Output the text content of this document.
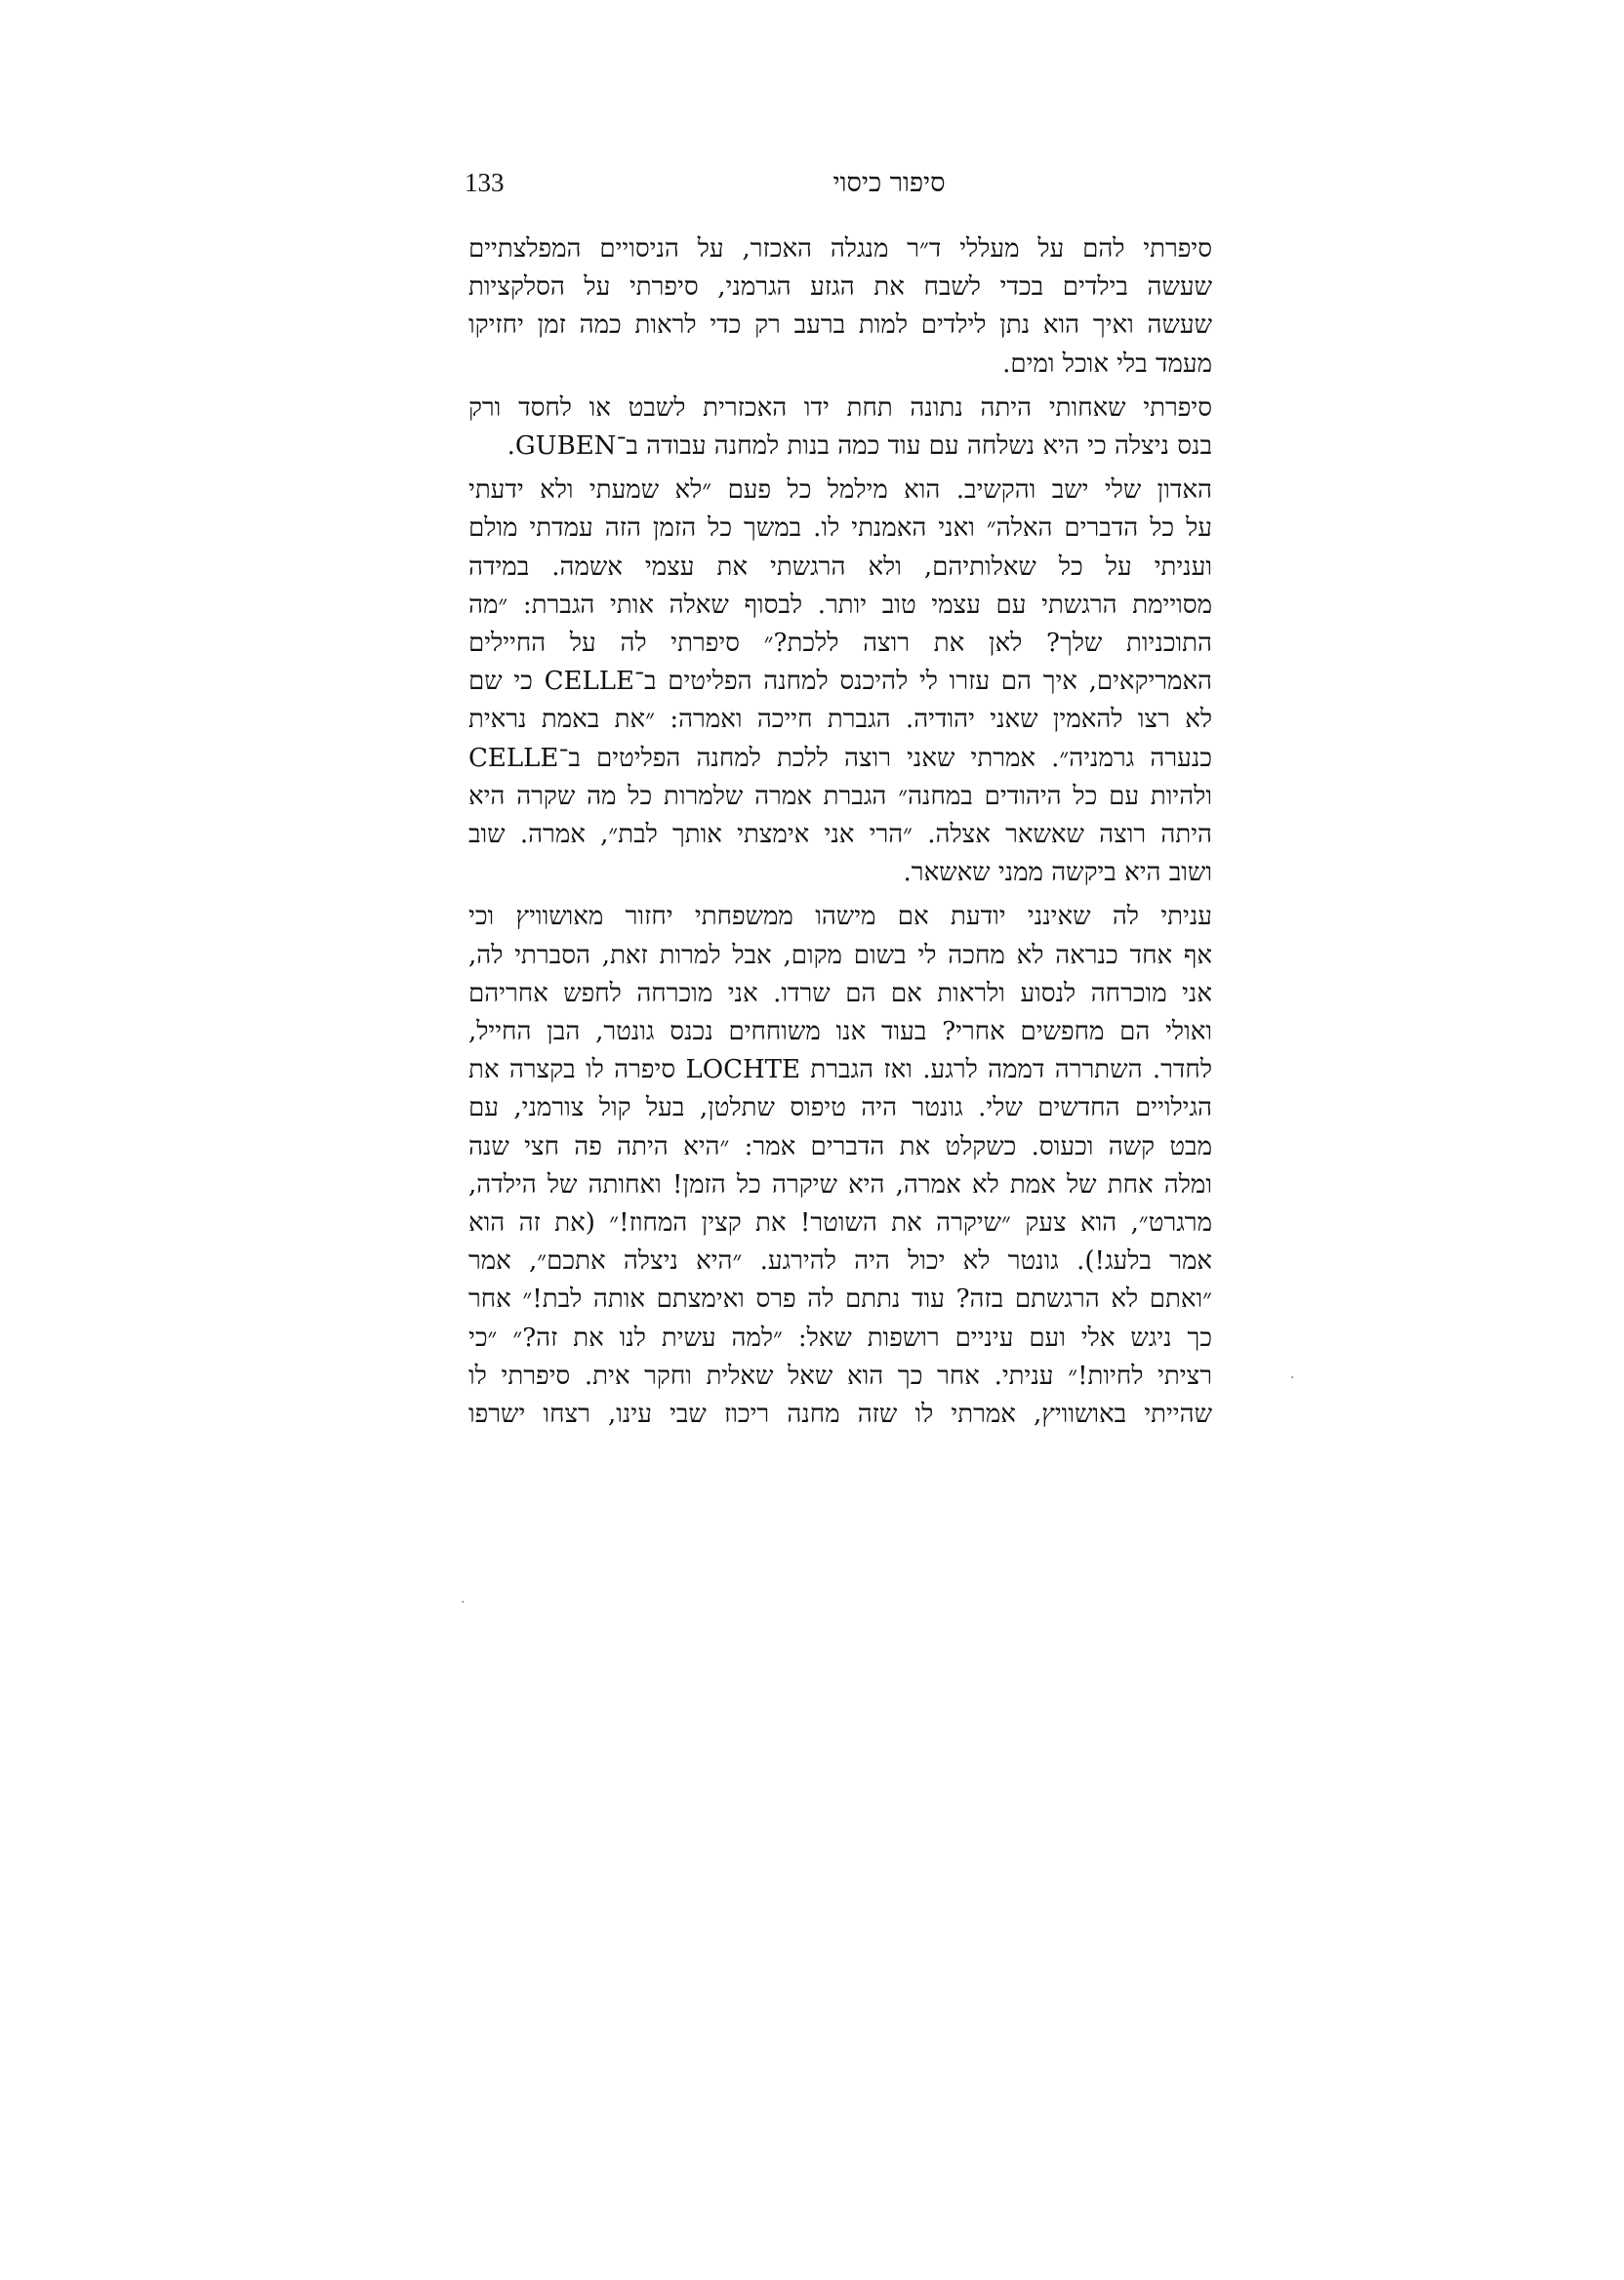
133	סיפור כיסוי

סיפרתי להם על מעללי ד״ר מנגלה האכזר, על הניסויים המפלצתיים
שעשה בילדים בכדי לשבח את הגזע הגרמני, סיפרתי על הסלקציות
שעשה ואיך הוא נתן לילדים למות ברעב רק כדי לראות כמה זמן יחזיקו
מעמד בלי אוכל ומים.

סיפרתי שאחותי היתה נתונה תחת ידו האכזרית לשבט או לחסד ורק
בנס ניצלה כי היא נשלחה עם עוד כמה בנות למחנה עבודה ב־GUBEN.

האדון שלי ישב והקשיב. הוא מילמל כל פעם ״לא שמעתי ולא ידעתי
על כל הדברים האלה״ ואני האמנתי לו. במשך כל הזמן הזה עמדתי מולם
ועניתי על כל שאלותיהם, ולא הרגשתי את עצמי אשמה. במידה
מסויימת הרגשתי עם עצמי טוב יותר. לבסוף שאלה אותי הגברת: ״מה
התוכניות שלך? לאן את רוצה ללכת?״ סיפרתי לה על החיילים
האמריקאים, איך הם עזרו לי להיכנס למחנה הפליטים ב־CELLE כי שם
לא רצו להאמין שאני יהודיה. הגברת חייכה ואמרה: ״את באמת נראית
כנערה גרמניה״. אמרתי שאני רוצה ללכת למחנה הפליטים ב־CELLE
ולהיות עם כל היהודים במחנה״ הגברת אמרה שלמרות כל מה שקרה היא
היתה רוצה שאשאר אצלה. ״הרי אני אימצתי אותך לבת״, אמרה. שוב
ושוב היא ביקשה ממני שאשאר.

עניתי לה שאינני יודעת אם מישהו ממשפחתי יחזור מאושוויץ וכי
אף אחד כנראה לא מחכה לי בשום מקום, אבל למרות זאת, הסברתי לה,
אני מוכרחה לנסוע ולראות אם הם שרדו. אני מוכרחה לחפש אחריהם
ואולי הם מחפשים אחרי? בעוד אנו משוחחים נכנס גונטר, הבן החייל,
לחדר. השתררה דממה לרגע. ואז הגברת LOCHTE סיפרה לו בקצרה את
הגילויים החדשים שלי. גונטר היה טיפוס שתלטן, בעל קול צורמני, עם
מבט קשה וכעוס. כשקלט את הדברים אמר: ״היא היתה פה חצי שנה
ומלה אחת של אמת לא אמרה, היא שיקרה כל הזמן! ואחותה של הילדה,
מרגרט״, הוא צעק ״שיקרה את השוטר! את קצין המחוז!״ (את זה הוא
אמר בלעג!). גונטר לא יכול היה להירגע. ״היא ניצלה אתכם״, אמר
״ואתם לא הרגשתם בזה? עוד נתתם לה פרס ואימצתם אותה לבת!״ אחר
כך ניגש אלי ועם עיניים רושפות שאל: ״למה עשית לנו את זה?״ ״כי
רציתי לחיות!״ עניתי. אחר כך הוא שאל שאלית וחקר אית. סיפרתי לו
שהייתי באושוויץ, אמרתי לו שזה מחנה ריכוז שבי עינו, רצחו ישרפו

·
·
